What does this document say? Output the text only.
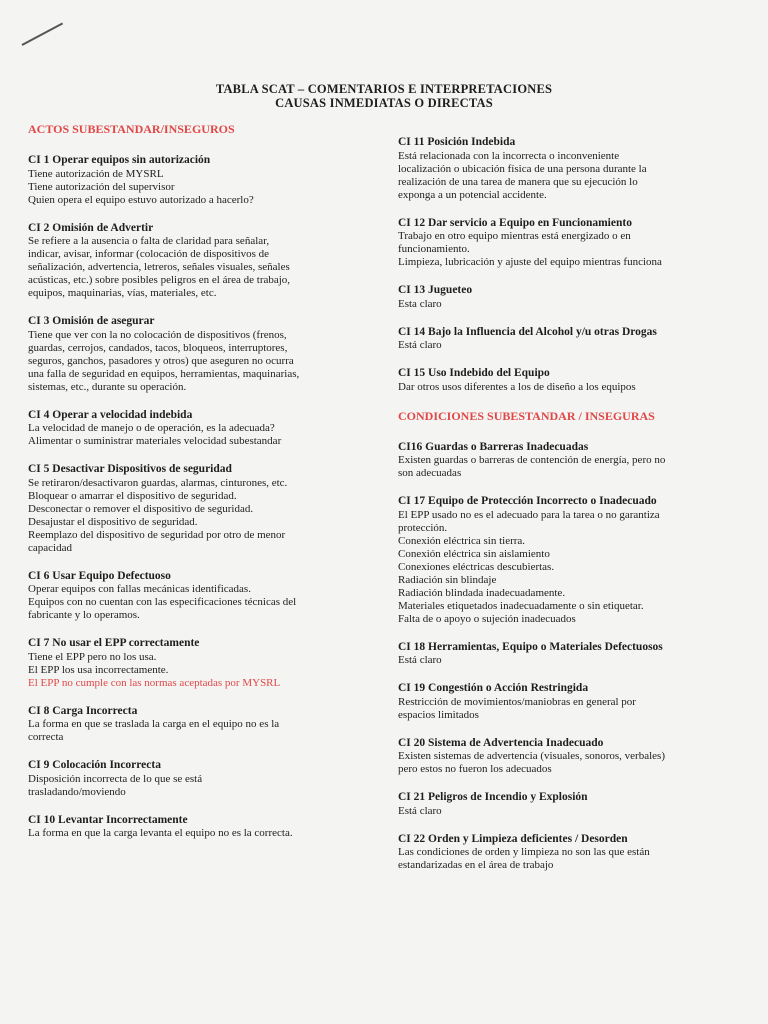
TABLA SCAT – COMENTARIOS E INTERPRETACIONES
CAUSAS INMEDIATAS O DIRECTAS
ACTOS SUBESTANDAR/INSEGUROS
CI 1 Operar equipos sin autorización
Tiene autorización de MYSRL
Tiene autorización del supervisor
Quien opera el equipo estuvo autorizado a hacerlo?
CI 2 Omisión de Advertir
Se refiere a la ausencia o falta de claridad para señalar,
indicar, avisar, informar (colocación de dispositivos de
señalización, advertencia, letreros, señales visuales, señales
acústicas, etc.) sobre posibles peligros en el área de trabajo,
equipos, maquinarias, vías, materiales, etc.
CI 3 Omisión de asegurar
Tiene que ver con la no colocación de dispositivos (frenos,
guardas, cerrojos, candados, tacos, bloqueos, interruptores,
seguros, ganchos, pasadores y otros) que aseguren no ocurra
una falla de seguridad en equipos, herramientas, maquinarias,
sistemas, etc., durante su operación.
CI 4 Operar a velocidad indebida
La velocidad de manejo o de operación, es la adecuada?
Alimentar o suministrar materiales velocidad subestandar
CI 5 Desactivar Dispositivos de seguridad
Se retiraron/desactivaron guardas, alarmas, cinturones, etc.
Bloquear o amarrar el dispositivo de seguridad.
Desconectar o remover el dispositivo de seguridad.
Desajustar el dispositivo de seguridad.
Reemplazo del dispositivo de seguridad por otro de menor
capacidad
CI 6 Usar Equipo Defectuoso
Operar equipos con fallas mecánicas identificadas.
Equipos con no cuentan con las especificaciones técnicas del
fabricante y lo operamos.
CI 7 No usar el EPP correctamente
Tiene el EPP pero no los usa.
El EPP los usa incorrectamente.
El EPP no cumple con las normas aceptadas por MYSRL
CI 8 Carga Incorrecta
La forma en que se traslada la carga en el equipo no es la
correcta
CI 9 Colocación Incorrecta
Disposición incorrecta de lo que se está
trasladando/moviendo
CI 10 Levantar Incorrectamente
La forma en que la carga levanta el equipo no es la correcta.
CI 11 Posición Indebida
Está relacionada con la incorrecta o inconveniente
localización o ubicación física de una persona durante la
realización de una tarea de manera que su ejecución lo
exponga a un potencial accidente.
CI 12 Dar servicio a Equipo en Funcionamiento
Trabajo en otro equipo mientras está energizado o en
funcionamiento.
Limpieza, lubricación y ajuste del equipo mientras funciona
CI 13 Jugueteo
Esta claro
CI 14 Bajo la Influencia del Alcohol y/u otras Drogas
Está claro
CI 15 Uso Indebido del Equipo
Dar otros usos diferentes a los de diseño a los equipos
CONDICIONES SUBESTANDAR / INSEGURAS
CI16 Guardas o Barreras Inadecuadas
Existen guardas o barreras de contención de energía, pero no
son adecuadas
CI 17 Equipo de Protección Incorrecto o Inadecuado
El EPP usado no es el adecuado para la tarea o no garantiza
protección.
Conexión eléctrica sin tierra.
Conexión eléctrica sin aislamiento
Conexiones eléctricas descubiertas.
Radiación sin blindaje
Radiación blindada inadecuadamente.
Materiales etiquetados inadecuadamente o sin etiquetar.
Falta de o apoyo o sujeción inadecuados
CI 18 Herramientas, Equipo o Materiales Defectuosos
Está claro
CI 19 Congestión o Acción Restringida
Restricción de movimientos/maniobras en general por
espacios limitados
CI 20 Sistema de Advertencia Inadecuado
Existen sistemas de advertencia (visuales, sonoros, verbales)
pero estos no fueron los adecuados
CI 21 Peligros de Incendio y Explosión
Está claro
CI 22 Orden y Limpieza deficientes / Desorden
Las condiciones de orden y limpieza no son las que están
estandarizadas en el área de trabajo
